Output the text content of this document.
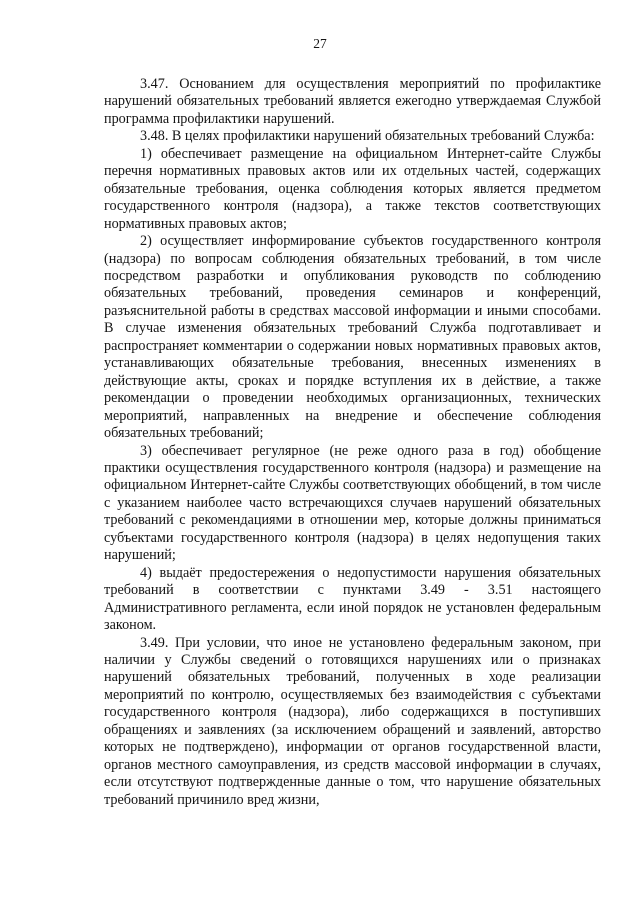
27

3.47. Основанием для осуществления мероприятий по профилактике нарушений обязательных требований является ежегодно утверждаемая Службой программа профилактики нарушений.

3.48. В целях профилактики нарушений обязательных требований Служба:

1) обеспечивает размещение на официальном Интернет-сайте Службы перечня нормативных правовых актов или их отдельных частей, содержащих обязательные требования, оценка соблюдения которых является предметом государственного контроля (надзора), а также текстов соответствующих нормативных правовых актов;

2) осуществляет информирование субъектов государственного контроля (надзора) по вопросам соблюдения обязательных требований, в том числе посредством разработки и опубликования руководств по соблюдению обязательных требований, проведения семинаров и конференций, разъяснительной работы в средствах массовой информации и иными способами. В случае изменения обязательных требований Служба подготавливает и распространяет комментарии о содержании новых нормативных правовых актов, устанавливающих обязательные требования, внесенных изменениях в действующие акты, сроках и порядке вступления их в действие, а также рекомендации о проведении необходимых организационных, технических мероприятий, направленных на внедрение и обеспечение соблюдения обязательных требований;

3) обеспечивает регулярное (не реже одного раза в год) обобщение практики осуществления государственного контроля (надзора) и размещение на официальном Интернет-сайте Службы соответствующих обобщений, в том числе с указанием наиболее часто встречающихся случаев нарушений обязательных требований с рекомендациями в отношении мер, которые должны приниматься субъектами государственного контроля (надзора) в целях недопущения таких нарушений;

4) выдаёт предостережения о недопустимости нарушения обязательных требований в соответствии с пунктами 3.49 - 3.51 настоящего Административного регламента, если иной порядок не установлен федеральным законом.

3.49. При условии, что иное не установлено федеральным законом, при наличии у Службы сведений о готовящихся нарушениях или о признаках нарушений обязательных требований, полученных в ходе реализации мероприятий по контролю, осуществляемых без взаимодействия с субъектами государственного контроля (надзора), либо содержащихся в поступивших обращениях и заявлениях (за исключением обращений и заявлений, авторство которых не подтверждено), информации от органов государственной власти, органов местного самоуправления, из средств массовой информации в случаях, если отсутствуют подтвержденные данные о том, что нарушение обязательных требований причинило вред жизни,
